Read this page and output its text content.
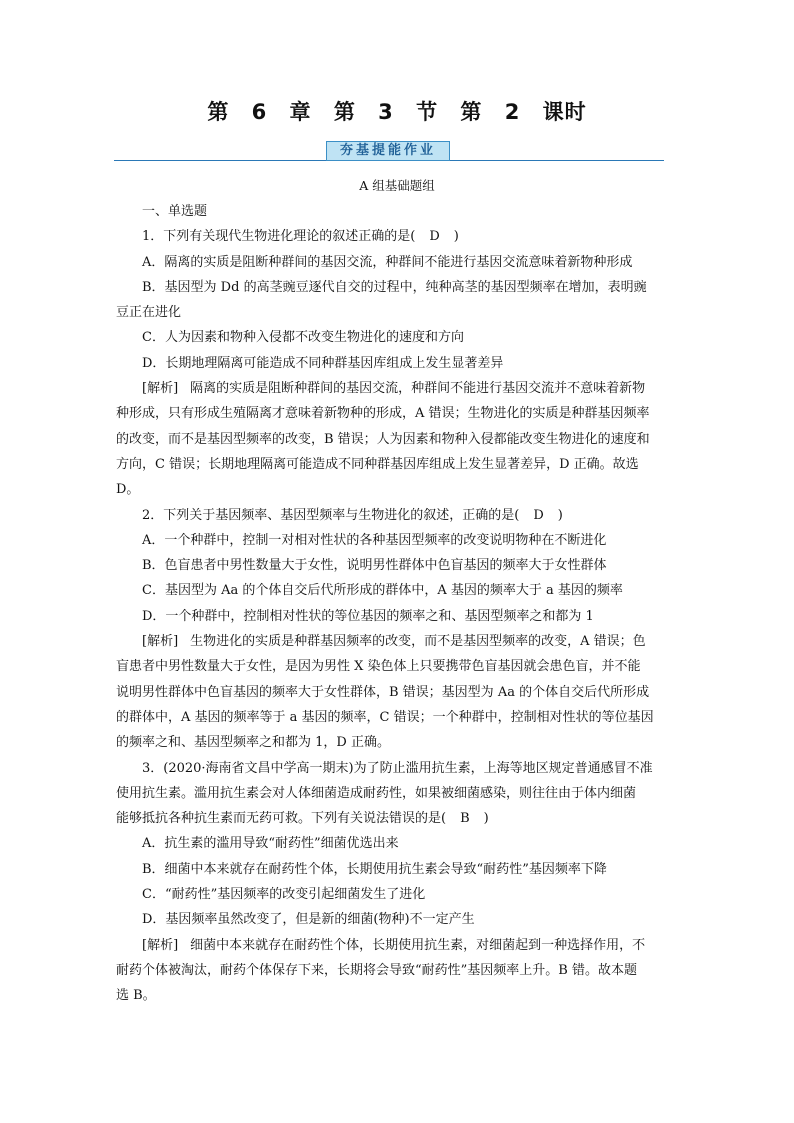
第 6 章 第 3 节 第 2 课时
夯基提能作业
A 组基础题组
一、单选题
1．下列有关现代生物进化理论的叙述正确的是( D )
A．隔离的实质是阻断种群间的基因交流，种群间不能进行基因交流意味着新物种形成
B．基因型为 Dd 的高茎豌豆逐代自交的过程中，纯种高茎的基因型频率在增加，表明豌
豆正在进化
C．人为因素和物种入侵都不改变生物进化的速度和方向
D．长期地理隔离可能造成不同种群基因库组成上发生显著差异
[解析] 隔离的实质是阻断种群间的基因交流，种群间不能进行基因交流并不意味着新物
种形成，只有形成生殖隔离才意味着新物种的形成，A 错误；生物进化的实质是种群基因频率
的改变，而不是基因型频率的改变，B 错误；人为因素和物种入侵都能改变生物进化的速度和
方向，C 错误；长期地理隔离可能造成不同种群基因库组成上发生显著差异，D 正确。故选
D。
2．下列关于基因频率、基因型频率与生物进化的叙述，正确的是( D )
A．一个种群中，控制一对相对性状的各种基因型频率的改变说明物种在不断进化
B．色盲患者中男性数量大于女性，说明男性群体中色盲基因的频率大于女性群体
C．基因型为 Aa 的个体自交后代所形成的群体中，A 基因的频率大于 a 基因的频率
D．一个种群中，控制相对性状的等位基因的频率之和、基因型频率之和都为 1
[解析] 生物进化的实质是种群基因频率的改变，而不是基因型频率的改变，A 错误；色
盲患者中男性数量大于女性，是因为男性 X 染色体上只要携带色盲基因就会患色盲，并不能
说明男性群体中色盲基因的频率大于女性群体，B 错误；基因型为 Aa 的个体自交后代所形成
的群体中，A 基因的频率等于 a 基因的频率，C 错误；一个种群中，控制相对性状的等位基因
的频率之和、基因型频率之和都为 1，D 正确。
3．(2020·海南省文昌中学高一期末)为了防止滥用抗生素，上海等地区规定普通感冒不准
使用抗生素。滥用抗生素会对人体细菌造成耐药性，如果被细菌感染，则往往由于体内细菌
能够抵抗各种抗生素而无药可救。下列有关说法错误的是( B )
A．抗生素的滥用导致“耐药性”细菌优选出来
B．细菌中本来就存在耐药性个体，长期使用抗生素会导致“耐药性”基因频率下降
C．“耐药性”基因频率的改变引起细菌发生了进化
D．基因频率虽然改变了，但是新的细菌(物种)不一定产生
[解析] 细菌中本来就存在耐药性个体，长期使用抗生素，对细菌起到一种选择作用，不
耐药个体被淘汰，耐药个体保存下来，长期将会导致“耐药性”基因频率上升。B 错。故本题
选 B。
